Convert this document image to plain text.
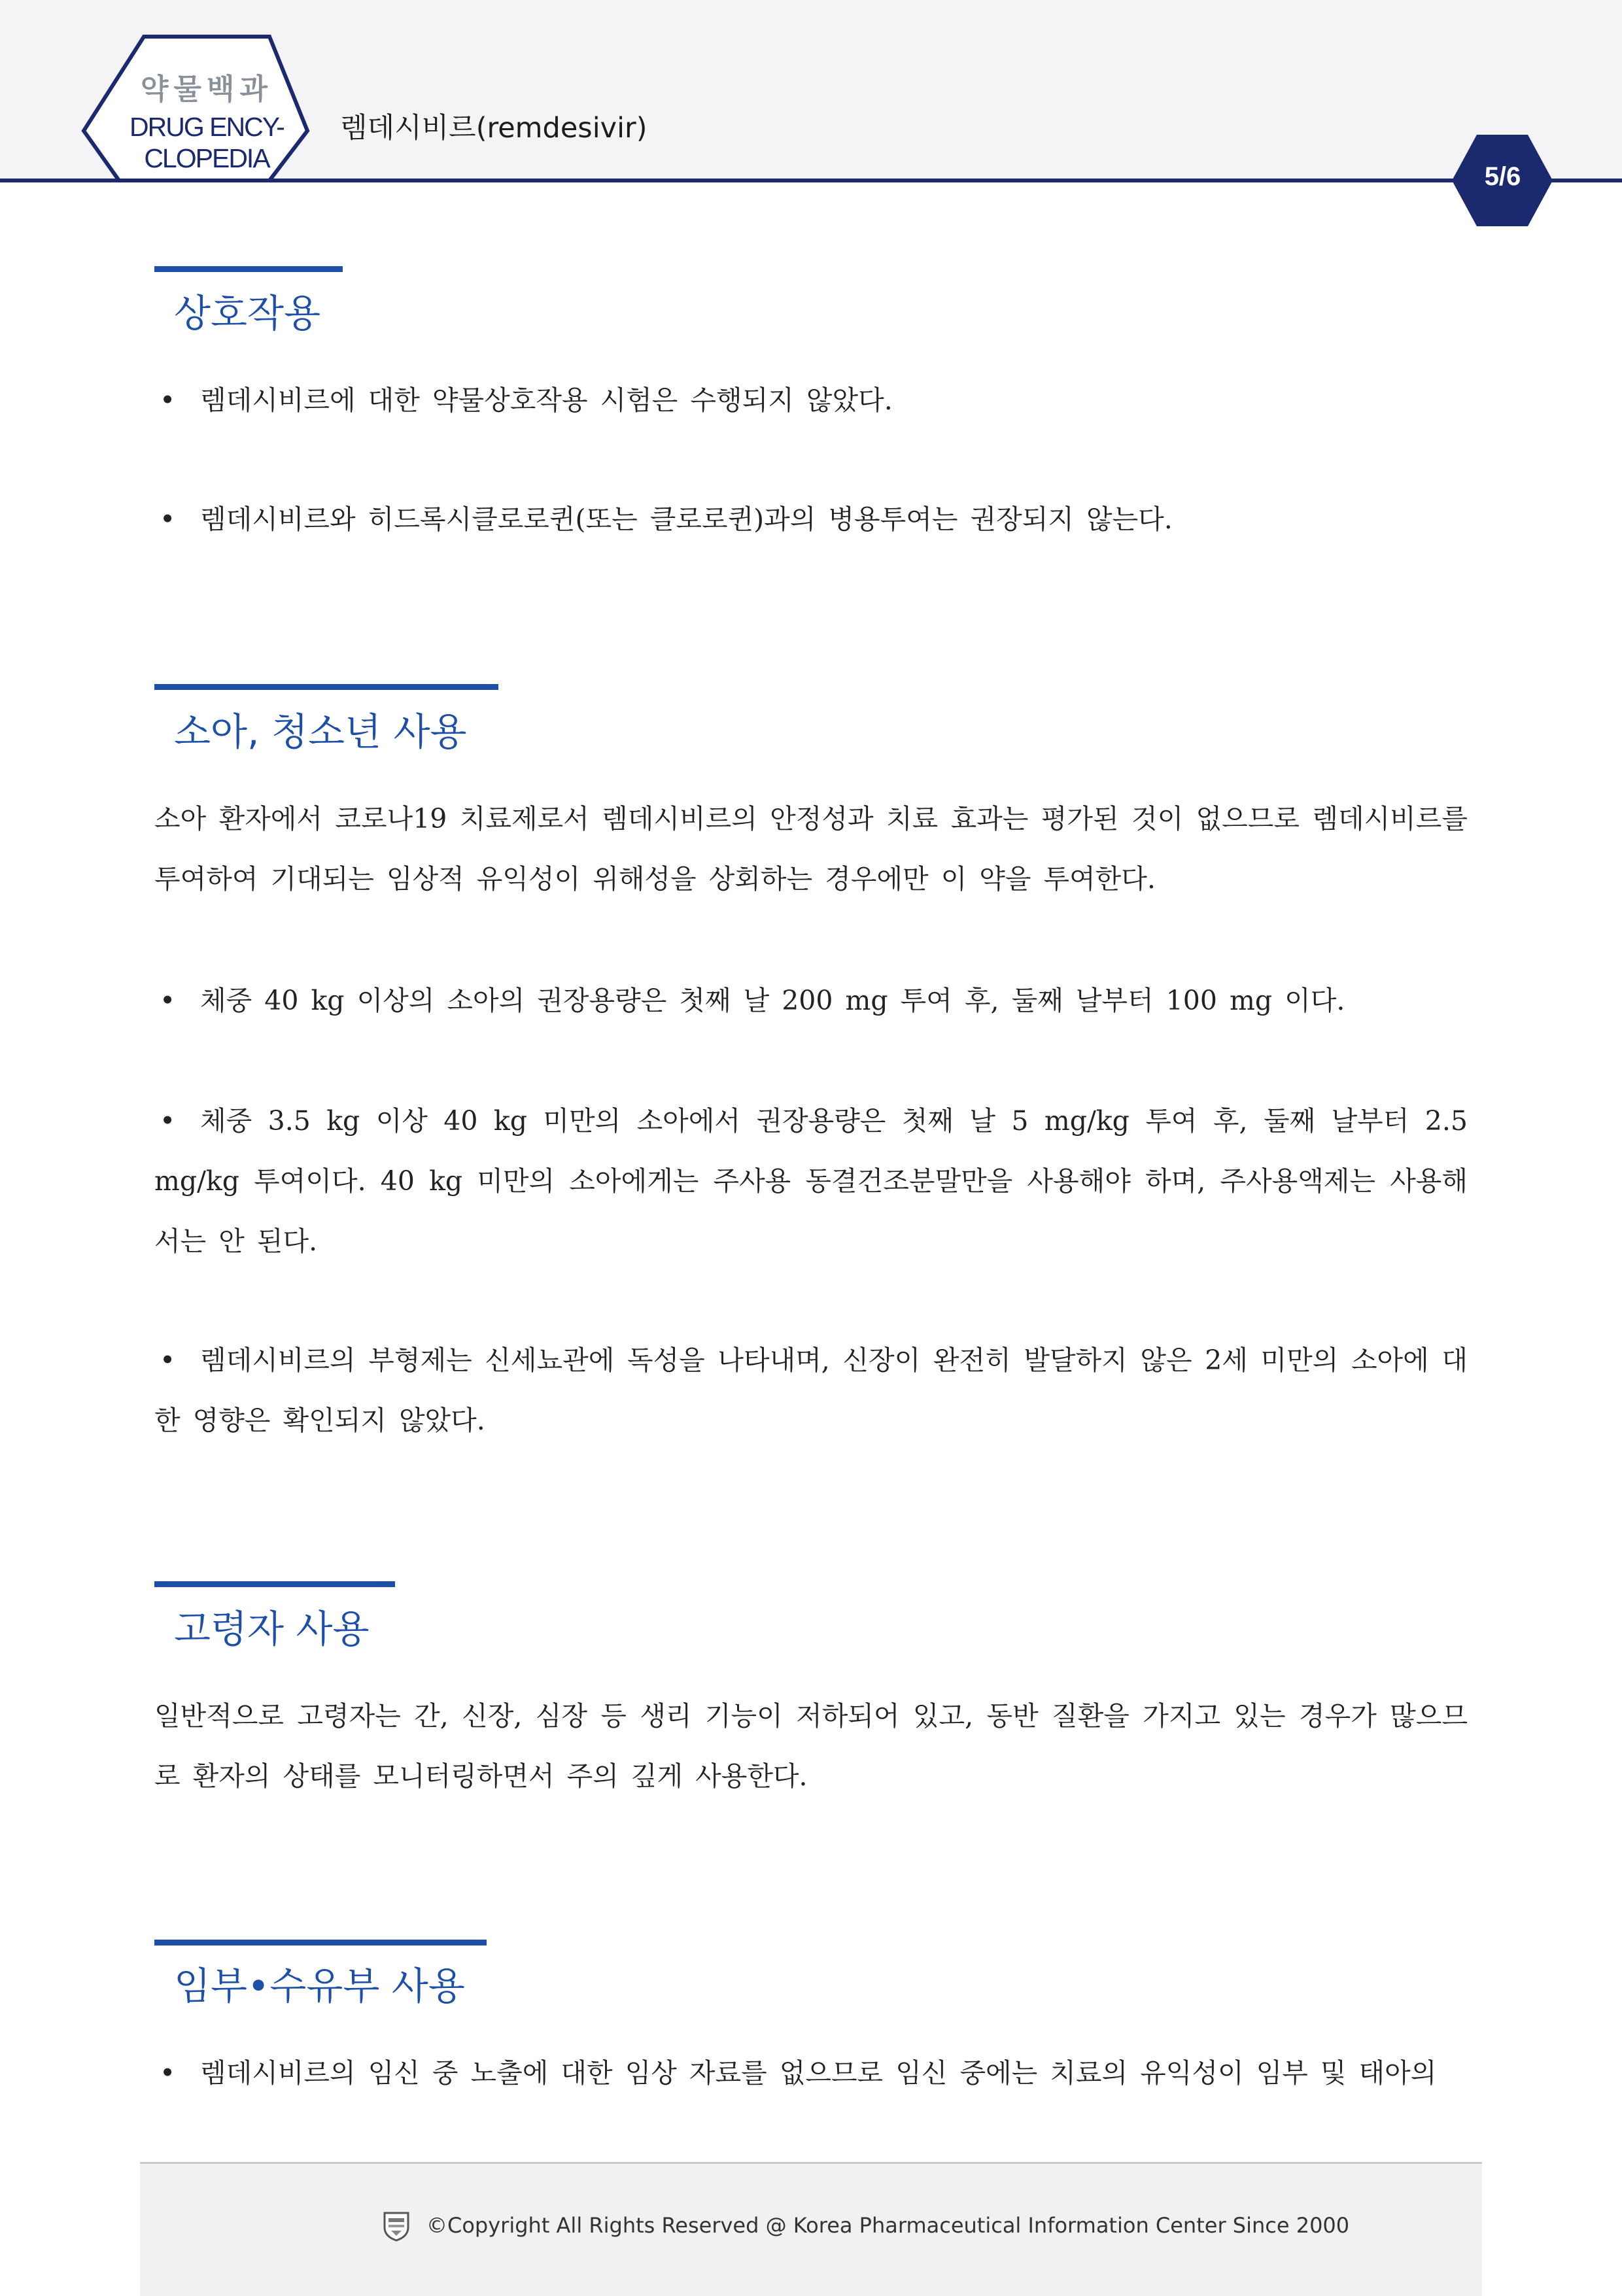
약물백과
DRUG ENCY-
CLOPEDIA
렘데시비르(remdesivir)
5/6
상호작용
• 렘데시비르에 대한 약물상호작용 시험은 수행되지 않았다.
• 렘데시비르와 히드록시클로로퀸(또는 클로로퀸)과의 병용투여는 권장되지 않는다.
소아, 청소년 사용
소아 환자에서 코로나19 치료제로서 렘데시비르의 안정성과 치료 효과는 평가된 것이 없으므로 렘데시비르를 투여하여 기대되는 임상적 유익성이 위해성을 상회하는 경우에만 이 약을 투여한다.
• 체중 40 kg 이상의 소아의 권장용량은 첫째 날 200 mg 투여 후, 둘째 날부터 100 mg 이다.
• 체중 3.5 kg 이상 40 kg 미만의 소아에서 권장용량은 첫째 날 5 mg/kg 투여 후, 둘째 날부터 2.5 mg/kg 투여이다. 40 kg 미만의 소아에게는 주사용 동결건조분말만을 사용해야 하며, 주사용액제는 사용해서는 안 된다.
• 렘데시비르의 부형제는 신세뇨관에 독성을 나타내며, 신장이 완전히 발달하지 않은 2세 미만의 소아에 대한 영향은 확인되지 않았다.
고령자 사용
일반적으로 고령자는 간, 신장, 심장 등 생리 기능이 저하되어 있고, 동반 질환을 가지고 있는 경우가 많으므로 환자의 상태를 모니터링하면서 주의 깊게 사용한다.
임부•수유부 사용
• 렘데시비르의 임신 중 노출에 대한 임상 자료를 없으므로 임신 중에는 치료의 유익성이 임부 및 태아의
©Copyright All Rights Reserved @ Korea Pharmaceutical Information Center Since 2000
